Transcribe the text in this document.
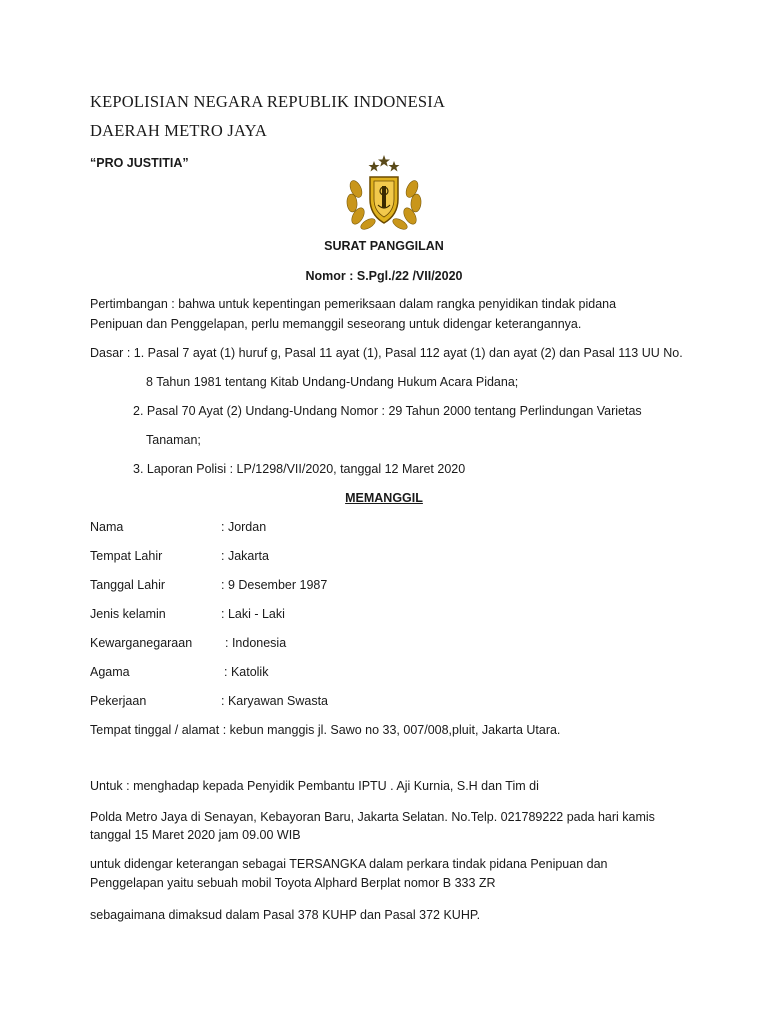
KEPOLISIAN NEGARA REPUBLIK INDONESIA
DAERAH METRO JAYA
“PRO JUSTITIA”
SURAT PANGGILAN
Nomor : S.Pgl./22 /VII/2020
Pertimbangan : bahwa untuk kepentingan pemeriksaan dalam rangka penyidikan tindak pidana
Penipuan dan Penggelapan, perlu memanggil seseorang untuk didengar keterangannya.
Dasar : 1. Pasal 7 ayat (1) huruf g, Pasal 11 ayat (1), Pasal 112 ayat (1) dan ayat (2) dan Pasal 113 UU No.
8 Tahun 1981 tentang Kitab Undang-Undang Hukum Acara Pidana;
2. Pasal 70 Ayat (2) Undang-Undang Nomor : 29 Tahun 2000 tentang Perlindungan Varietas
Tanaman;
3. Laporan Polisi : LP/1298/VII/2020, tanggal 12 Maret 2020
MEMANGGIL
Nama	: Jordan
Tempat Lahir	: Jakarta
Tanggal Lahir	: 9 Desember 1987
Jenis kelamin	: Laki - Laki
Kewarganegaraan	: Indonesia
Agama	: Katolik
Pekerjaan	: Karyawan Swasta
Tempat tinggal / alamat : kebun manggis jl. Sawo no 33, 007/008,pluit, Jakarta Utara.
Untuk : menghadap kepada Penyidik Pembantu IPTU . Aji Kurnia, S.H dan Tim di
Polda Metro Jaya di Senayan, Kebayoran Baru, Jakarta Selatan. No.Telp. 021789222 pada hari kamis
tanggal 15 Maret 2020 jam 09.00 WIB
untuk didengar keterangan sebagai TERSANGKA dalam perkara tindak pidana Penipuan dan
Penggelapan yaitu sebuah mobil Toyota Alphard Berplat nomor B 333 ZR
sebagaimana dimaksud dalam Pasal 378 KUHP dan Pasal 372 KUHP.
